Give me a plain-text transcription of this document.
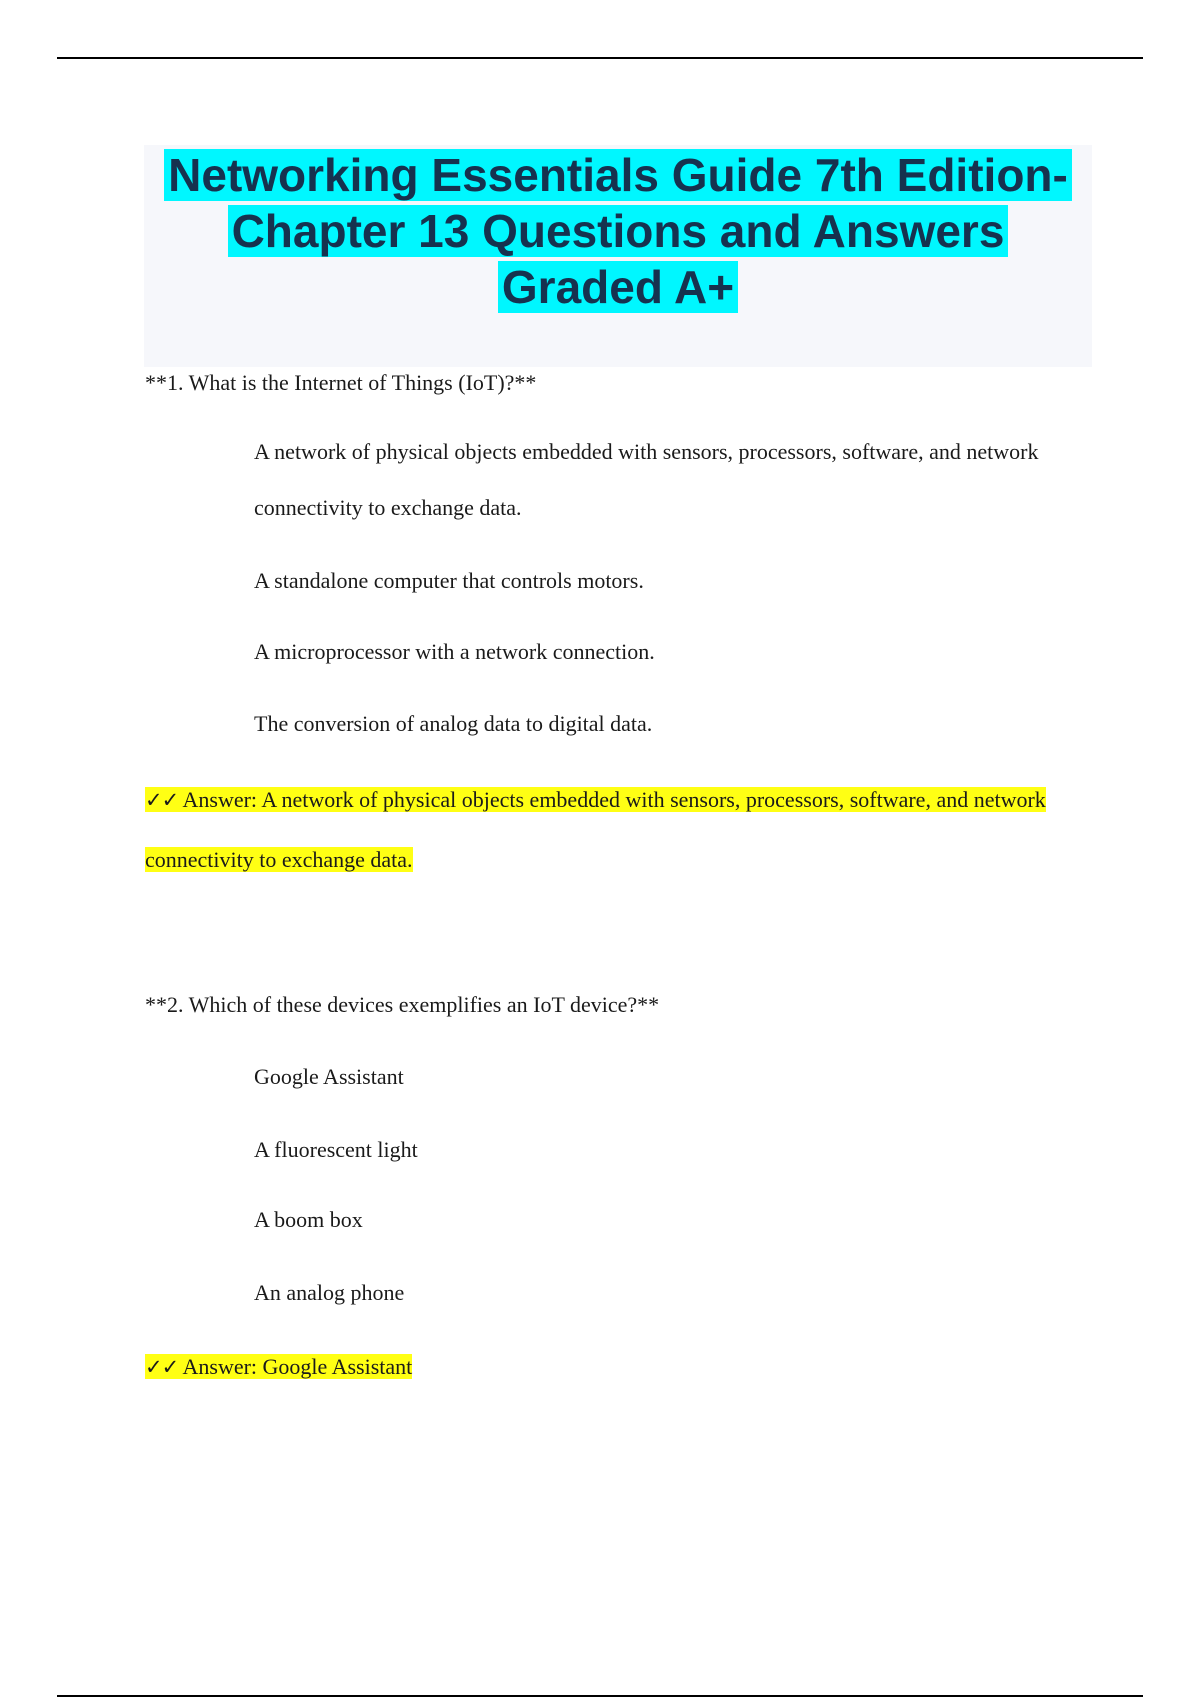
Networking Essentials Guide 7th Edition- Chapter 13 Questions and Answers Graded A+
**1. What is the Internet of Things (IoT)?**
A network of physical objects embedded with sensors, processors, software, and network connectivity to exchange data.
A standalone computer that controls motors.
A microprocessor with a network connection.
The conversion of analog data to digital data.
✓✓ Answer: A network of physical objects embedded with sensors, processors, software, and network connectivity to exchange data.
**2. Which of these devices exemplifies an IoT device?**
Google Assistant
A fluorescent light
A boom box
An analog phone
✓✓ Answer: Google Assistant
